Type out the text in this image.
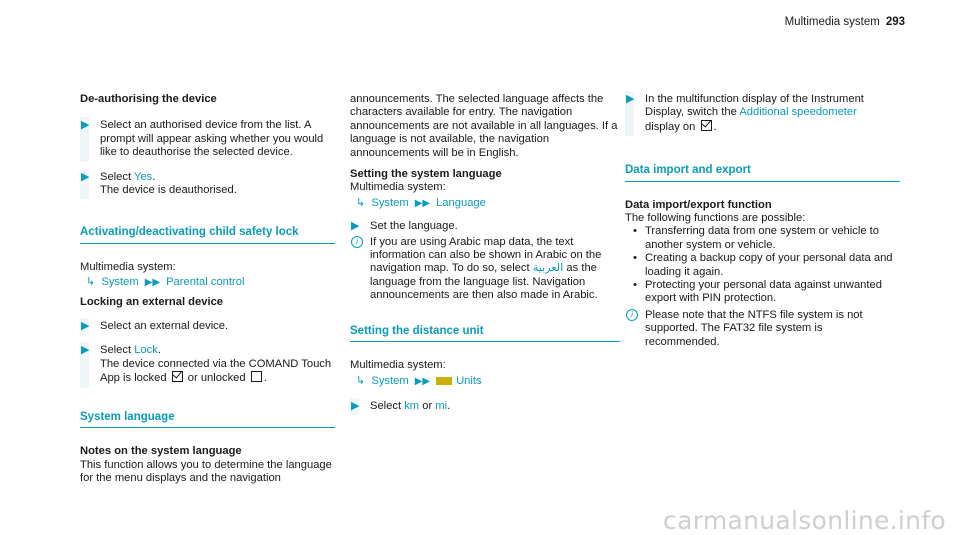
Multimedia system 293

De-authorising the device

▶ Select an authorised device from the list. A prompt will appear asking whether you would like to deauthorise the selected device.
▶ Select Yes.
The device is deauthorised.
Activating/deactivating child safety lock

Multimedia system:

↳ System ▶▶ Parental control

Locking an external device

▶ Select an external device.
▶ Select Lock.
The device connected via the COMAND Touch App is locked or unlocked .
System language

Notes on the system language

This function allows you to determine the language for the menu displays and the navigation

announcements. The selected language affects the characters available for entry. The navigation announcements are not available in all languages. If a language is not available, the navigation announcements will be in English.

Setting the system language

Multimedia system:

↳ System ▶▶ Language
▶ Set the language.
i	If you are using Arabic map data, the text information can also be shown in Arabic on the navigation map. To do so, select العربية as the language from the language list. Navigation announcements are then also made in Arabic.
Setting the distance unit

Multimedia system:

↳ System ▶▶ Units
▶ Select km or mi.
▶ In the multifunction display of the Instrument Display, switch the Additional speedometer
display on .
Data import and export

Data import/export function

The following functions are possible:

• Transferring data from one system or vehicle to another system or vehicle.
• Creating a backup copy of your personal data and loading it again.
• Protecting your personal data against unwanted export with PIN protection.
i	Please note that the NTFS file system is not supported. The FAT32 file system is recommended.
carmanualsonline.info
